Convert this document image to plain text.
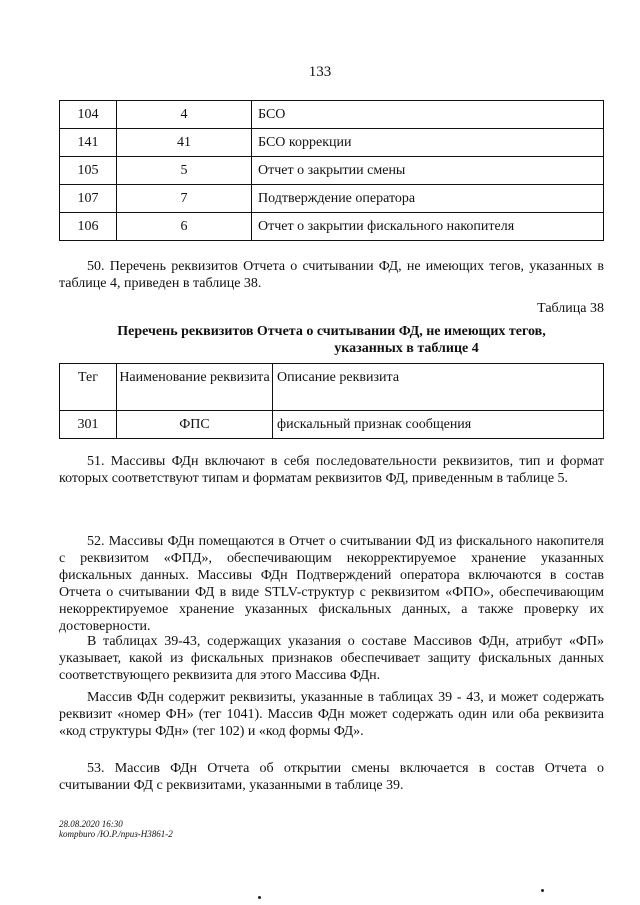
133
104	4	БСО
141	41	БСО коррекции
105	5	Отчет о закрытии смены
107	7	Подтверждение оператора
106	6	Отчет о закрытии фискального накопителя
50. Перечень реквизитов Отчета о считывании ФД, не имеющих тегов, указанных в таблице 4, приведен в таблице 38.
Таблица 38
Перечень реквизитов Отчета о считывании ФД, не имеющих тегов,
указанных в таблице 4
Тег	Наименование реквизита	Описание реквизита
301	ФПС	фискальный признак сообщения
51. Массивы ФДн включают в себя последовательности реквизитов, тип и формат которых соответствуют типам и форматам реквизитов ФД, приведенным в таблице 5.
52. Массивы ФДн помещаются в Отчет о считывании ФД из фискального накопителя с реквизитом «ФПД», обеспечивающим некорректируемое хранение указанных фискальных данных. Массивы ФДн Подтверждений оператора включаются в состав Отчета о считывании ФД в виде STLV-структур с реквизитом «ФПО», обеспечивающим некорректируемое хранение указанных фискальных данных, а также проверку их достоверности.
В таблицах 39-43, содержащих указания о составе Массивов ФДн, атрибут «ФП» указывает, какой из фискальных признаков обеспечивает защиту фискальных данных соответствующего реквизита для этого Массива ФДн.
Массив ФДн содержит реквизиты, указанные в таблицах 39 - 43, и может содержать реквизит «номер ФН» (тег 1041). Массив ФДн может содержать один или оба реквизита «код структуры ФДн» (тег 102) и «код формы ФД».
53. Массив ФДн Отчета об открытии смены включается в состав Отчета о считывании ФД с реквизитами, указанными в таблице 39.
28.08.2020 16:30
kompburo /Ю.Р./приз-Н3861-2
